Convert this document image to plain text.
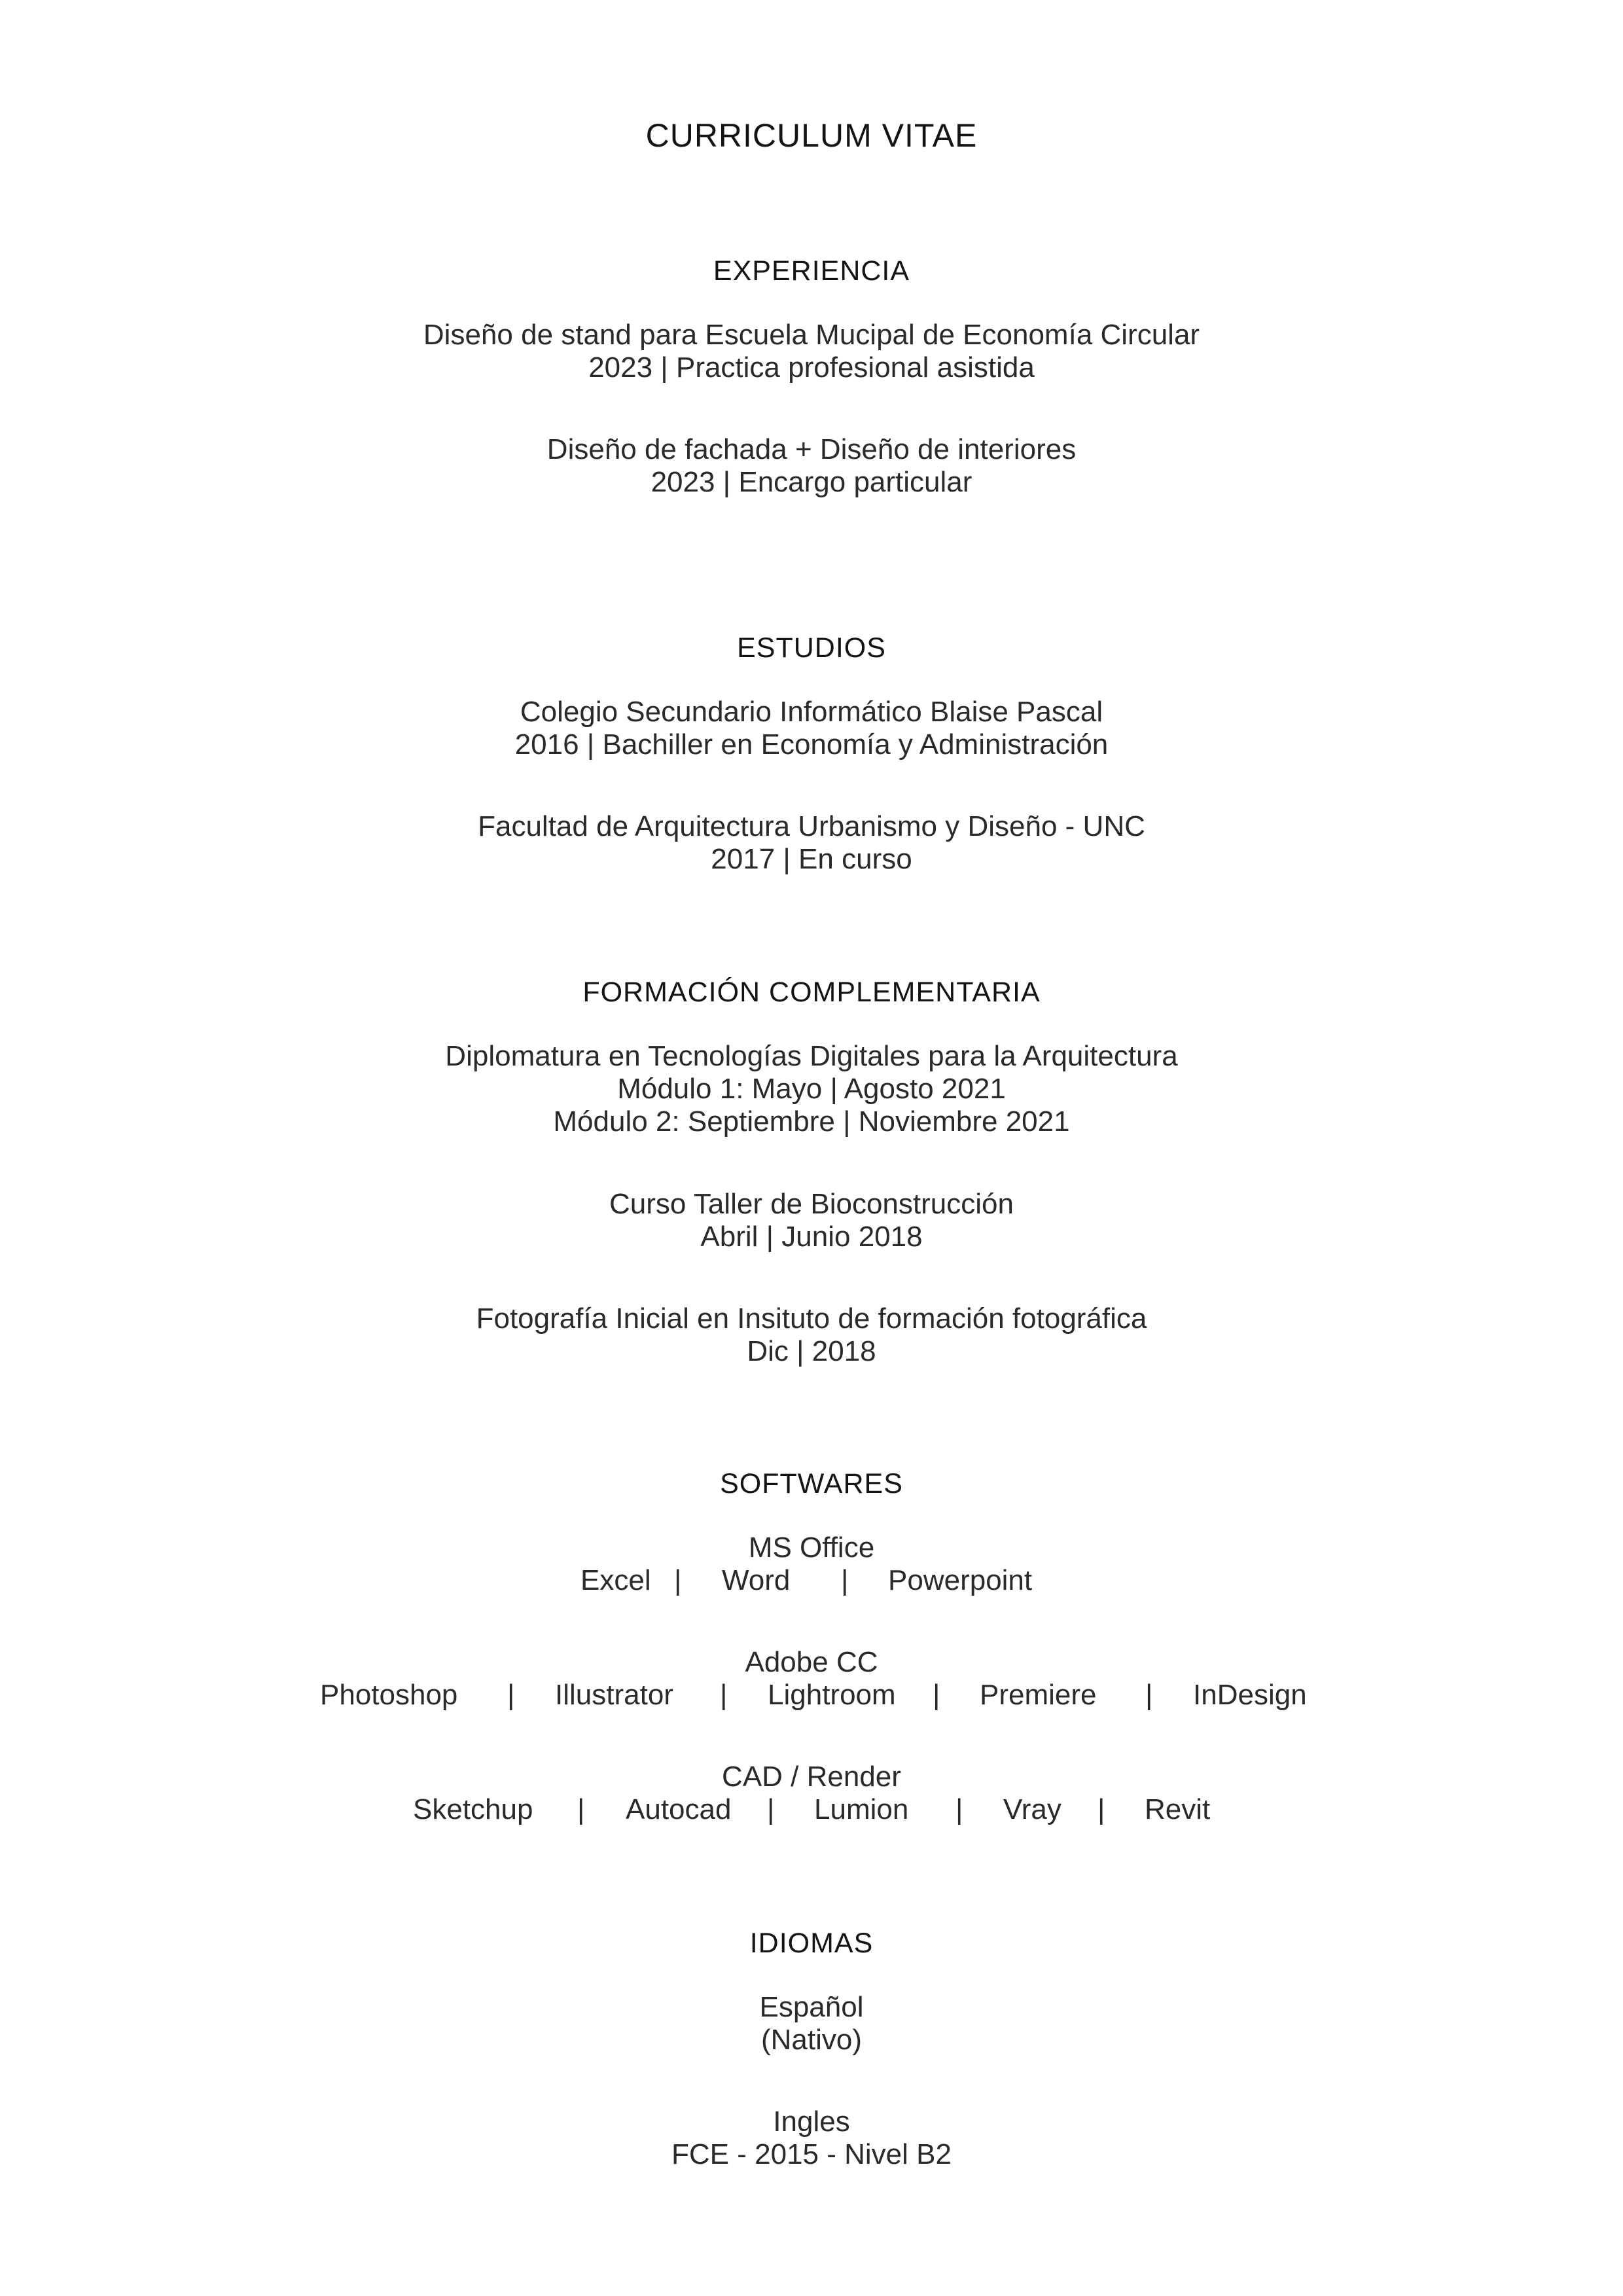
CURRICULUM VITAE
EXPERIENCIA

Diseño de stand para Escuela Mucipal de Economía Circular

2023 | Practica profesional asistida

Diseño de fachada + Diseño de interiores

2023 | Encargo particular

ESTUDIOS

Colegio Secundario Informático Blaise Pascal

2016 | Bachiller en Economía y Administración

Facultad de Arquitectura Urbanismo y Diseño - UNC

2017 | En curso

FORMACIÓN COMPLEMENTARIA

Diplomatura en Tecnologías Digitales para la Arquitectura

Módulo 1: Mayo | Agosto 2021

Módulo 2: Septiembre | Noviembre 2021

Curso Taller de Bioconstrucción

Abril | Junio 2018

Fotografía Inicial en Insituto de formación fotográfica

Dic | 2018

SOFTWARES

MS Office

Excel | Word | Powerpoint

Adobe CC

Photoshop | Illustrator | Lightroom | Premiere | InDesign

CAD / Render

Sketchup | Autocad | Lumion | Vray | Revit
IDIOMAS

Español

(Nativo)

Ingles

FCE - 2015 - Nivel B2
